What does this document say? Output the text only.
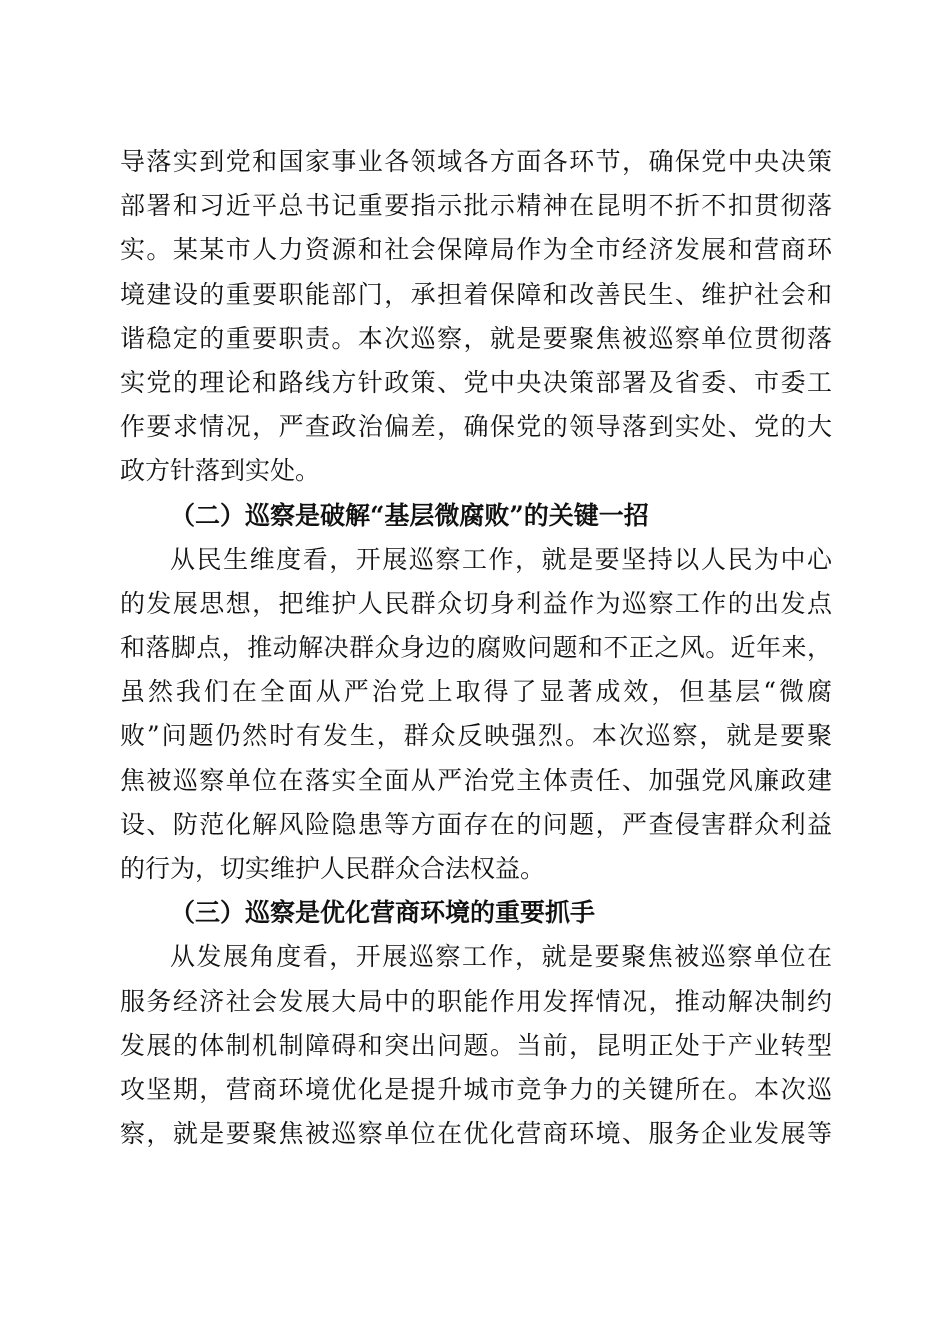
导落实到党和国家事业各领域各方面各环节，确保党中央决策
部署和习近平总书记重要指示批示精神在昆明不折不扣贯彻落
实。某某市人力资源和社会保障局作为全市经济发展和营商环
境建设的重要职能部门，承担着保障和改善民生、维护社会和
谐稳定的重要职责。本次巡察，就是要聚焦被巡察单位贯彻落
实党的理论和路线方针政策、党中央决策部署及省委、市委工
作要求情况，严查政治偏差，确保党的领导落到实处、党的大
政方针落到实处。
（二）巡察是破解“基层微腐败”的关键一招
从民生维度看，开展巡察工作，就是要坚持以人民为中心
的发展思想，把维护人民群众切身利益作为巡察工作的出发点
和落脚点，推动解决群众身边的腐败问题和不正之风。近年来，
虽然我们在全面从严治党上取得了显著成效，但基层“微腐
败”问题仍然时有发生，群众反映强烈。本次巡察，就是要聚
焦被巡察单位在落实全面从严治党主体责任、加强党风廉政建
设、防范化解风险隐患等方面存在的问题，严查侵害群众利益
的行为，切实维护人民群众合法权益。
（三）巡察是优化营商环境的重要抓手
从发展角度看，开展巡察工作，就是要聚焦被巡察单位在
服务经济社会发展大局中的职能作用发挥情况，推动解决制约
发展的体制机制障碍和突出问题。当前，昆明正处于产业转型
攻坚期，营商环境优化是提升城市竞争力的关键所在。本次巡
察，就是要聚焦被巡察单位在优化营商环境、服务企业发展等
